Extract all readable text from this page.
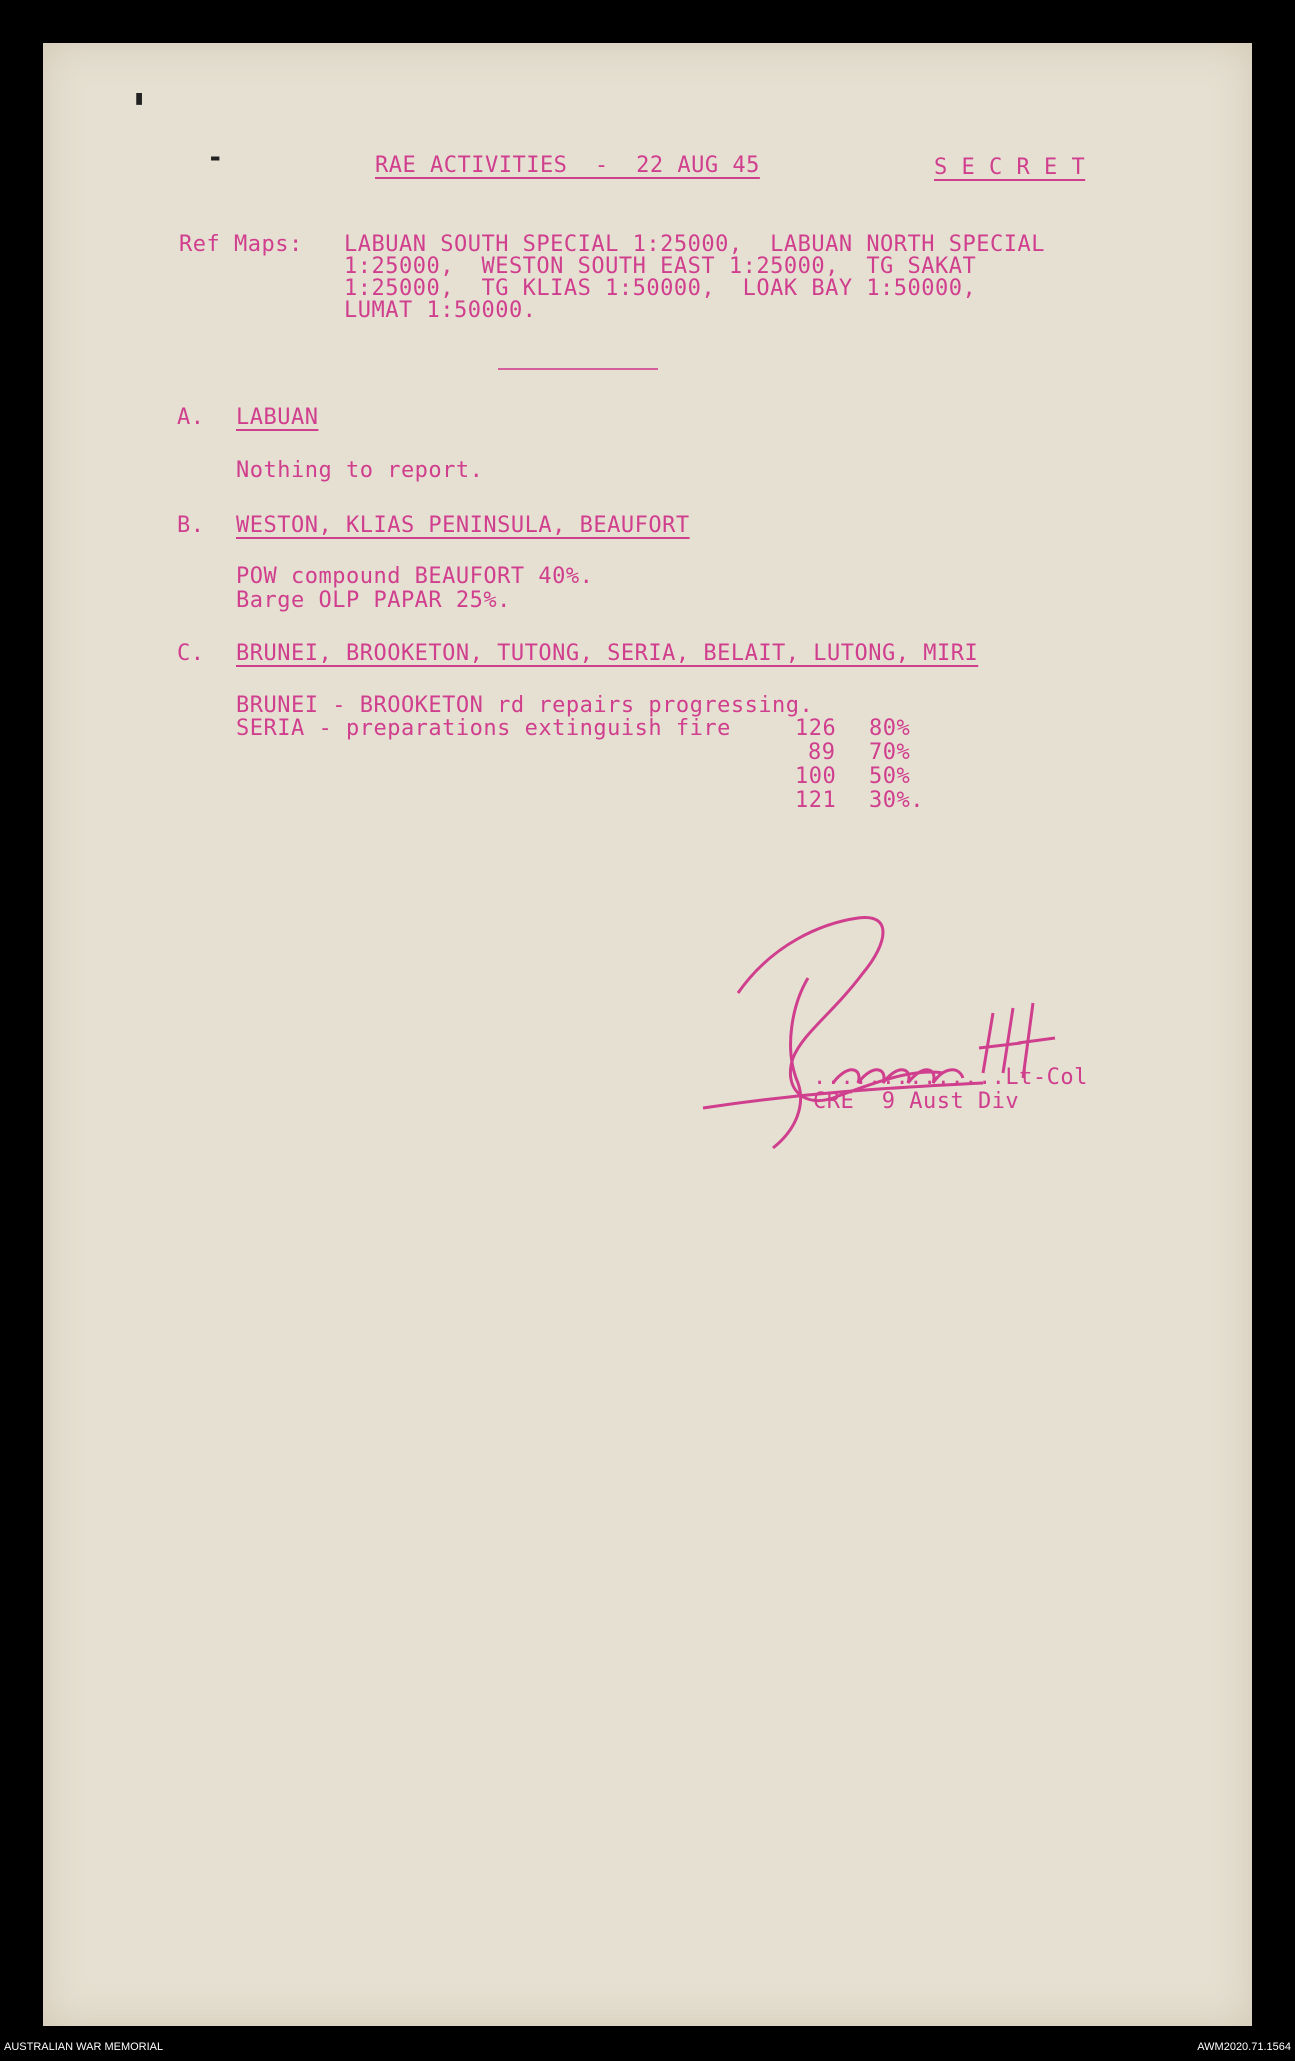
▮
▬	RAE ACTIVITIES  -  22 AUG 45	S E C R E T
Ref Maps: LABUAN SOUTH SPECIAL 1:25000,  LABUAN NORTH SPECIAL
1:25000,  WESTON SOUTH EAST 1:25000,  TG SAKAT
1:25000,  TG KLIAS 1:50000,  LOAK BAY 1:50000,
LUMAT 1:50000.
A. LABUAN
Nothing to report.
B. WESTON, KLIAS PENINSULA, BEAUFORT
POW compound BEAUFORT 40%.
Barge OLP PAPAR 25%.
C. BRUNEI, BROOKETON, TUTONG, SERIA, BELAIT, LUTONG, MIRI
BRUNEI - BROOKETON rd repairs progressing.
SERIA - preparations extinguish fire	126 80%
89 70%
100 50%
121 30%.
..............Lt-Col
CRE  9 Aust Div
AUSTRALIAN WAR MEMORIAL	AWM2020.71.1564
